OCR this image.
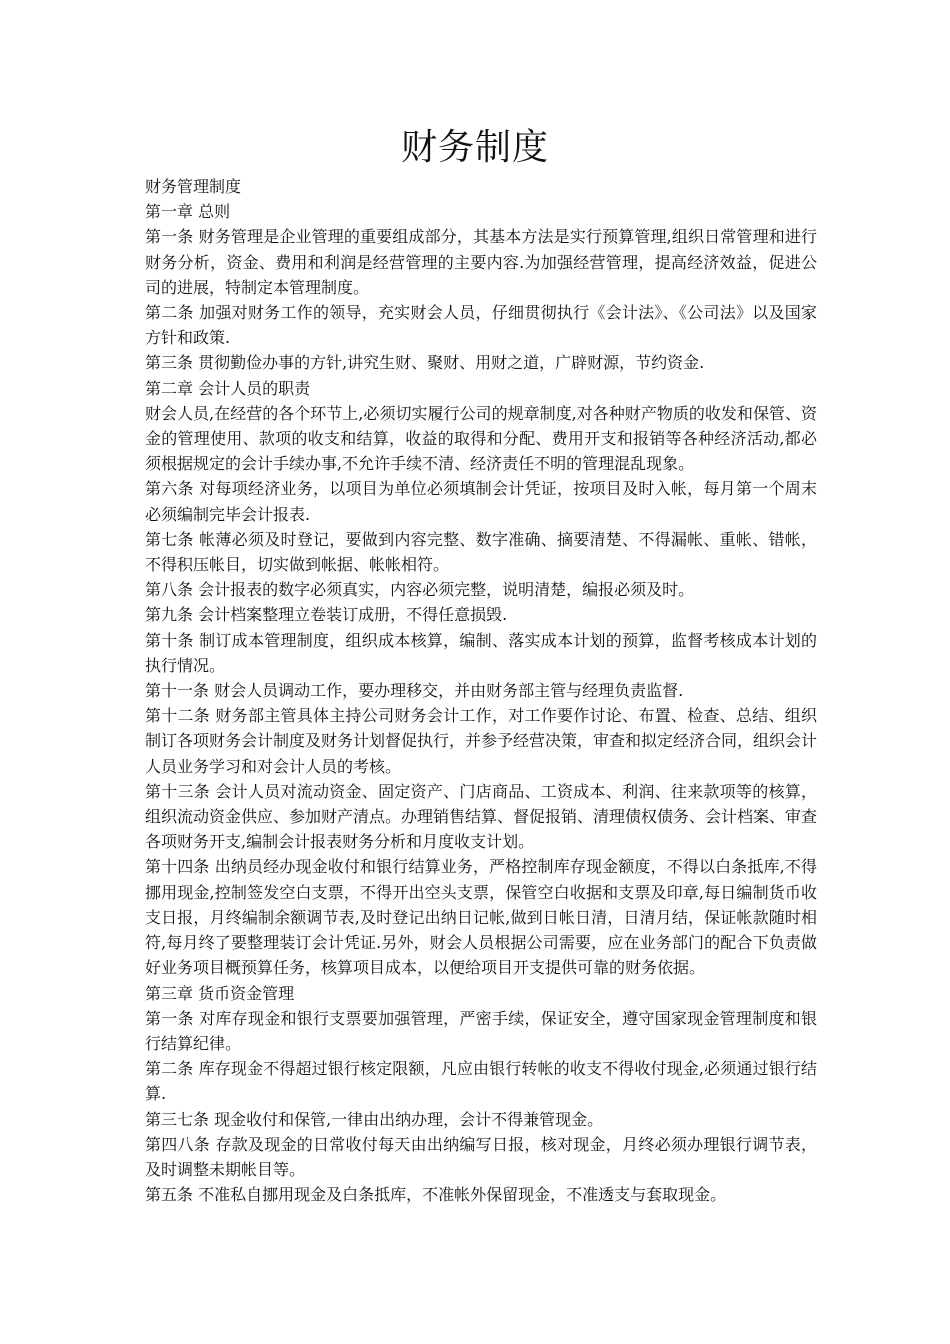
财务制度

财务管理制度

第一章 总则

第一条 财务管理是企业管理的重要组成部分，其基本方法是实行预算管理,组织日常管理和进行财务分析，资金、费用和利润是经营管理的主要内容.为加强经营管理，提高经济效益，促进公司的进展，特制定本管理制度。

第二条 加强对财务工作的领导，充实财会人员，仔细贯彻执行《会计法》、《公司法》以及国家方针和政策.

第三条 贯彻勤俭办事的方针,讲究生财、聚财、用财之道，广辟财源，节约资金.

第二章 会计人员的职责

财会人员,在经营的各个环节上,必须切实履行公司的规章制度,对各种财产物质的收发和保管、资金的管理使用、款项的收支和结算，收益的取得和分配、费用开支和报销等各种经济活动,都必须根据规定的会计手续办事,不允许手续不清、经济责任不明的管理混乱现象。

第六条 对每项经济业务，以项目为单位必须填制会计凭证，按项目及时入帐，每月第一个周末必须编制完毕会计报表.

第七条 帐薄必须及时登记，要做到内容完整、数字准确、摘要清楚、不得漏帐、重帐、错帐，不得积压帐目，切实做到帐据、帐帐相符。

第八条 会计报表的数字必须真实，内容必须完整，说明清楚，编报必须及时。

第九条 会计档案整理立卷装订成册，不得任意损毁.

第十条 制订成本管理制度，组织成本核算，编制、落实成本计划的预算，监督考核成本计划的执行情况。

第十一条 财会人员调动工作，要办理移交，并由财务部主管与经理负责监督.

第十二条 财务部主管具体主持公司财务会计工作，对工作要作讨论、布置、检查、总结、组织制订各项财务会计制度及财务计划督促执行，并参予经营决策，审查和拟定经济合同，组织会计人员业务学习和对会计人员的考核。

第十三条 会计人员对流动资金、固定资产、门店商品、工资成本、利润、往来款项等的核算，组织流动资金供应、参加财产清点。办理销售结算、督促报销、清理债权债务、会计档案、审查各项财务开支,编制会计报表财务分析和月度收支计划。

第十四条 出纳员经办现金收付和银行结算业务，严格控制库存现金额度，不得以白条抵库,不得挪用现金,控制签发空白支票，不得开出空头支票，保管空白收据和支票及印章,每日编制货币收支日报，月终编制余额调节表,及时登记出纳日记帐,做到日帐日清，日清月结，保证帐款随时相符,每月终了要整理装订会计凭证.另外，财会人员根据公司需要，应在业务部门的配合下负责做好业务项目概预算任务，核算项目成本，以便给项目开支提供可靠的财务依据。

第三章 货币资金管理

第一条 对库存现金和银行支票要加强管理，严密手续，保证安全，遵守国家现金管理制度和银行结算纪律。

第二条 库存现金不得超过银行核定限额，凡应由银行转帐的收支不得收付现金,必须通过银行结算.

第三七条 现金收付和保管,一律由出纳办理，会计不得兼管现金。

第四八条 存款及现金的日常收付每天由出纳编写日报，核对现金，月终必须办理银行调节表，及时调整未期帐目等。

第五条 不准私自挪用现金及白条抵库，不准帐外保留现金，不准透支与套取现金。
